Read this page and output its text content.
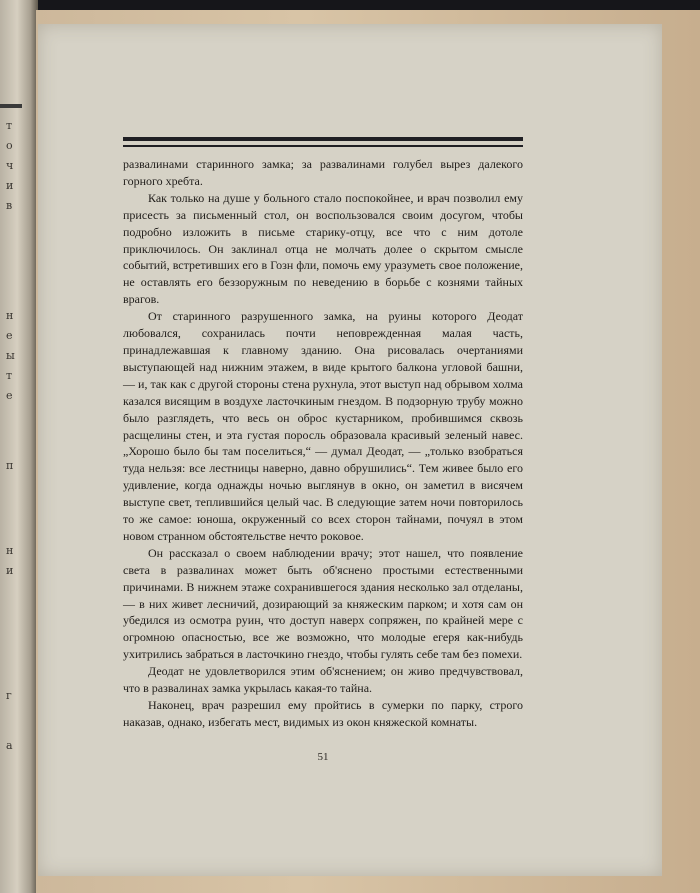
т
о
ч
и
в
н
е
ы
т
е
п
н
и
г
а

развалинами старинного замка; за развалинами голубел вырез далекого горного хребта.

Как только на душе у больного стало поспокойнее, и врач позволил ему присесть за письменный стол, он воспользовался своим досугом, чтобы подробно изложить в письме старику-отцу, все что с ним дотоле приключилось. Он заклинал отца не молчать долее о скрытом смысле событий, встретивших его в Гозн фли, помочь ему уразуметь свое положение, не оставлять его беззоружным по неведению в борьбе с кознями тайных врагов.

От старинного разрушенного замка, на руины которого Деодат любовался, сохранилась почти неповрежденная малая часть, принадлежавшая к главному зданию. Она рисовалась очертаниями выступающей над нижним этажем, в виде крытого балкона угловой башни, — и, так как с другой стороны стена рухнула, этот выступ над обрывом холма казался висящим в воздухе ласточкиным гнездом. В подзорную трубу можно было разглядеть, что весь он оброс кустарником, пробившимся сквозь расщелины стен, и эта густая поросль образовала красивый зеленый навес. „Хорошо было бы там поселиться,“ — думал Деодат, — „только взобраться туда нельзя: все лестницы наверно, давно обрушились“. Тем живее было его удивление, когда однажды ночью выглянув в окно, он заметил в висячем выступе свет, теплившийся целый час. В следующие затем ночи повторилось то же самое: юноша, окруженный со всех сторон тайнами, почуял в этом новом странном обстоятельстве нечто роковое.

Он рассказал о своем наблюдении врачу; этот нашел, что появление света в развалинах может быть об'яснено простыми естественными причинами. В нижнем этаже сохранившегося здания несколько зал отделаны, — в них живет лесничий, дозирающий за княжеским парком; и хотя сам он убедился из осмотра руин, что доступ наверх сопряжен, по крайней мере с огромною опасностью, все же возможно, что молодые егеря как-нибудь ухитрились забраться в ласточкино гнездо, чтобы гулять себе там без помехи.

Деодат не удовлетворился этим об'яснением; он живо предчувствовал, что в развалинах замка укрылась какая-то тайна.

Наконец, врач разрешил ему пройтись в сумерки по парку, строго наказав, однако, избегать мест, видимых из окон княжеской комнаты.

51
